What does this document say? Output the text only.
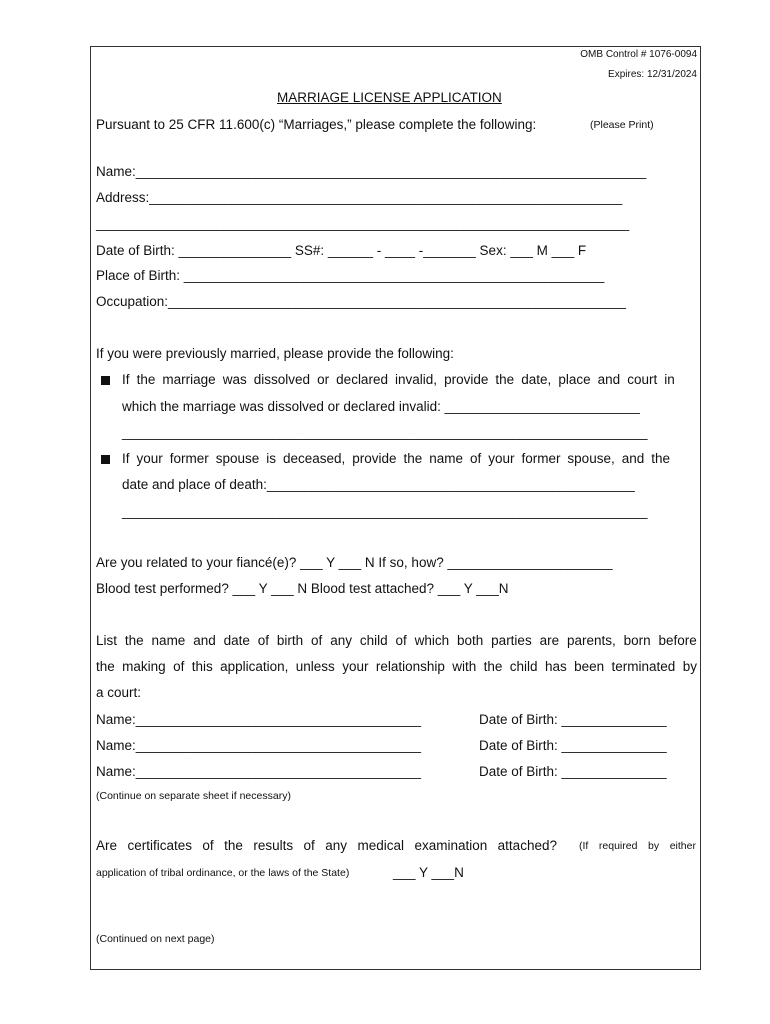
OMB Control # 1076-0094
Expires: 12/31/2024
MARRIAGE LICENSE APPLICATION
Pursuant to 25 CFR 11.600(c) “Marriages,” please complete the following:	(Please Print)
Name:____________________________________________________________________
Address:_______________________________________________________________
_______________________________________________________________________
Date of Birth: _______________ SS#: ______ - ____ -_______ Sex: ___ M ___ F
Place of Birth: ________________________________________________________
Occupation:_____________________________________________________________
If you were previously married, please provide the following:
If the marriage was dissolved or declared invalid, provide the date, place and court in
which the marriage was dissolved or declared invalid: __________________________
______________________________________________________________________
If your former spouse is deceased, provide the name of your former spouse, and the
date and place of death:_________________________________________________
______________________________________________________________________
Are you related to your fiancé(e)? ___ Y ___ N If so, how? ______________________
Blood test performed? ___ Y ___ N Blood test attached? ___ Y ___N
List the name and date of birth of any child of which both parties are parents, born before
the making of this application, unless your relationship with the child has been terminated by
a court:
Name:______________________________________	Date of Birth: ______________
Name:______________________________________	Date of Birth: ______________
Name:______________________________________	Date of Birth: ______________
(Continue on separate sheet if necessary)
Are certificates of the results of any medical examination attached? (If required by either
application of tribal ordinance, or the laws of the State)	___ Y ___N
(Continued on next page)
